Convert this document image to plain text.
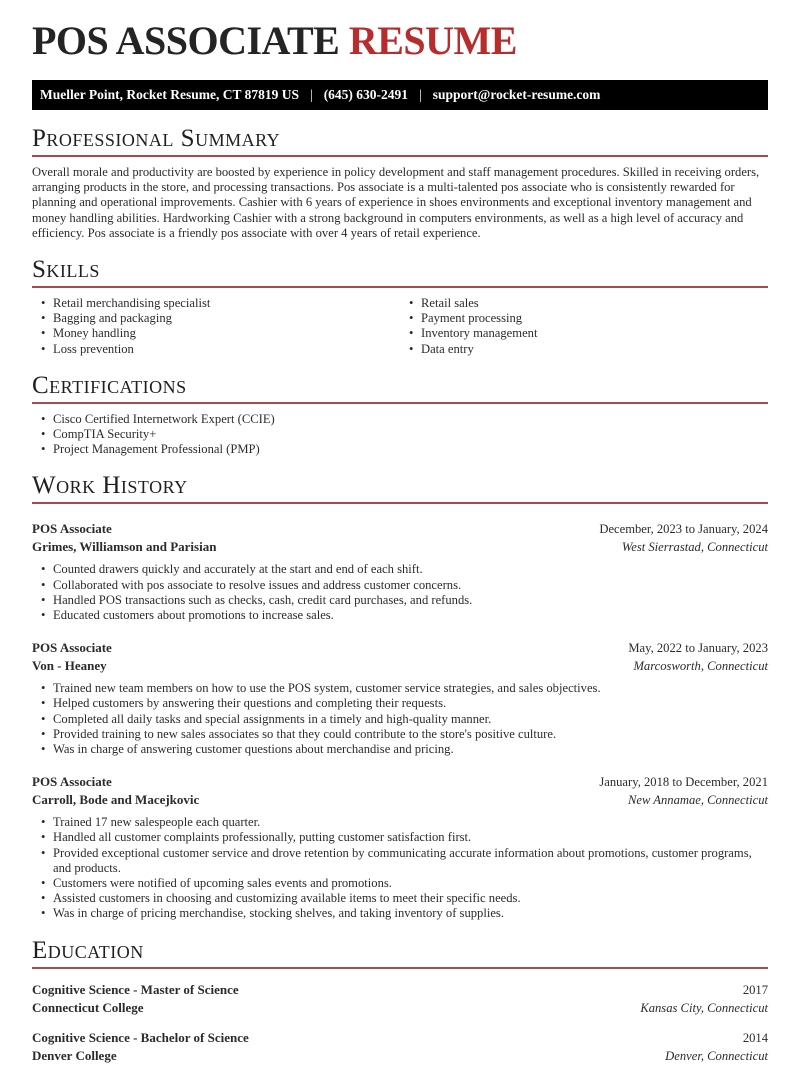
POS ASSOCIATE RESUME
Mueller Point, Rocket Resume, CT 87819 US | (645) 630-2491 | support@rocket-resume.com
Professional Summary

Overall morale and productivity are boosted by experience in policy development and staff management procedures. Skilled in receiving orders, arranging products in the store, and processing transactions. Pos associate is a multi-talented pos associate who is consistently rewarded for planning and operational improvements. Cashier with 6 years of experience in shoes environments and exceptional inventory management and money handling abilities. Hardworking Cashier with a strong background in computers environments, as well as a high level of accuracy and efficiency. Pos associate is a friendly pos associate with over 4 years of retail experience.

Skills
• Retail merchandising specialist
• Bagging and packaging
• Money handling
• Loss prevention
• Retail sales
• Payment processing
• Inventory management
• Data entry
Certifications
• Cisco Certified Internetwork Expert (CCIE)
• CompTIA Security+
• Project Management Professional (PMP)
Work History
POS Associate	December, 2023 to January, 2024
Grimes, Williamson and Parisian	West Sierrastad, Connecticut
• Counted drawers quickly and accurately at the start and end of each shift.
• Collaborated with pos associate to resolve issues and address customer concerns.
• Handled POS transactions such as checks, cash, credit card purchases, and refunds.
• Educated customers about promotions to increase sales.
POS Associate	May, 2022 to January, 2023
Von - Heaney	Marcosworth, Connecticut
• Trained new team members on how to use the POS system, customer service strategies, and sales objectives.
• Helped customers by answering their questions and completing their requests.
• Completed all daily tasks and special assignments in a timely and high-quality manner.
• Provided training to new sales associates so that they could contribute to the store's positive culture.
• Was in charge of answering customer questions about merchandise and pricing.
POS Associate	January, 2018 to December, 2021
Carroll, Bode and Macejkovic	New Annamae, Connecticut
• Trained 17 new salespeople each quarter.
• Handled all customer complaints professionally, putting customer satisfaction first.
• Provided exceptional customer service and drove retention by communicating accurate information about promotions, customer programs, and products.
• Customers were notified of upcoming sales events and promotions.
• Assisted customers in choosing and customizing available items to meet their specific needs.
• Was in charge of pricing merchandise, stocking shelves, and taking inventory of supplies.
Education
Cognitive Science - Master of Science	2017
Connecticut College	Kansas City, Connecticut
Cognitive Science - Bachelor of Science	2014
Denver College	Denver, Connecticut
